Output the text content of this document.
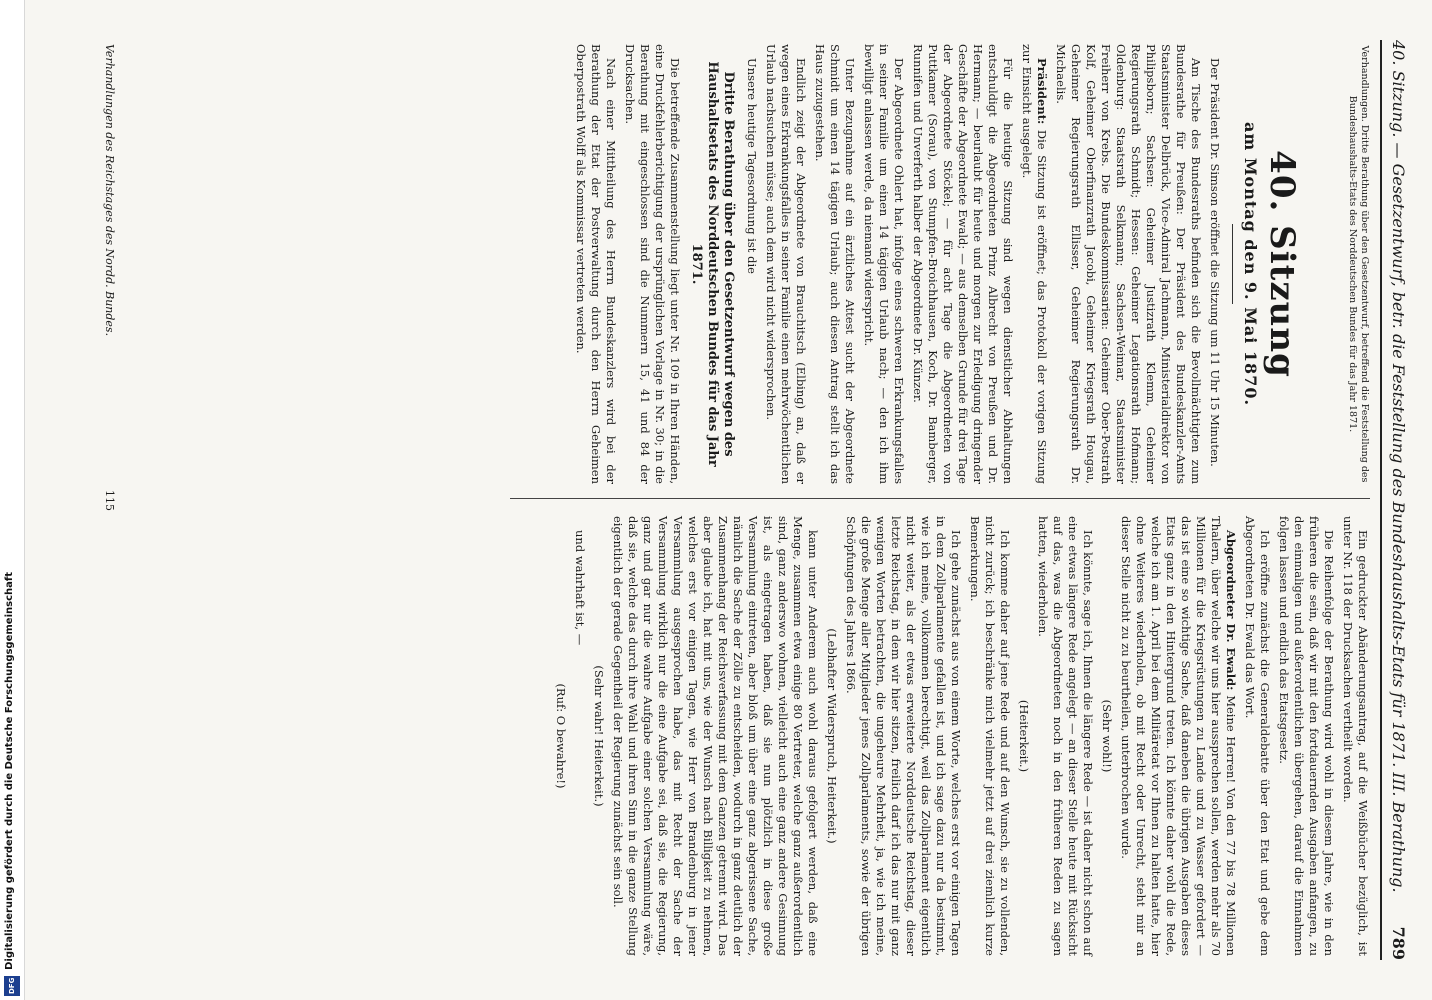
Digitalisierung gefördert durch die Deutsche Forschungsgemeinschaft
DFG
40. Sitzung. — Gesetzentwurf, betr. die Feststellung des Bundeshaushalts-Etats für 1871. III. Berathung.
789

Verhandlungen. Dritte Berathung über den Gesetzentwurf, betreffend die Feststellung des Bundeshaushalts-Etats des Norddeutschen Bundes für das Jahr 1871.

40. Sitzung
am Montag den 9. Mai 1870.

Der Präsident Dr. Simson eröffnet die Sitzung um 11 Uhr 15 Minuten.

Am Tische des Bundesraths befinden sich die Bevollmächtigten zum Bundesrathe für Preußen: Der Präsident des Bundeskanzler-Amts Staatsminister Delbrück, Vice-Admiral Jachmann, Ministerialdirektor von Philipsborn; Sachsen: Geheimer Justizrath Klemm, Geheimer Regierungsrath Schmidt; Hessen: Geheimer Legationsrath Hofmann; Oldenburg: Staatsrath Selkmann; Sachsen-Weimar, Staatsminister Freiherr von Krebs. Die Bundeskommissarien: Geheimer Ober-Postrath Kolf, Geheimer Oberfinanzrath Jacobi, Geheimer Kriegsrath Hougau, Geheimer Regierungsrath Ellisser, Geheimer Regierungsrath Dr. Michaelis.

Präsident: Die Sitzung ist eröffnet; das Protokoll der vorigen Sitzung zur Einsicht ausgelegt.

Für die heutige Sitzung sind wegen dienstlicher Abhaltungen entschuldigt die Abgeordneten Prinz Albrecht von Preußen und Dr. Hermann; — beurlaubt für heute und morgen zur Erledigung dringender Geschäfte der Abgeordnete Ewald; — aus demselben Grunde für drei Tage der Abgeordnete Stöckel; — für acht Tage die Abgeordneten von Puttkamer (Sorau), von Stumpfen-Broichhausen, Koch, Dr. Bamberger, Runnifen und Unverferth halber der Abgeordnete Dr. Künzer.

Der Abgeordnete Ohlert hat, infolge eines schweren Erkrankungsfalles in seiner Familie um einen 14 tägigen Urlaub nach; — den ich ihm bewilligt anlassen werde, da niemand widerspricht.

Unter Bezugnahme auf ein ärztliches Attest sucht der Abgeordnete Schmidt um einen 14 tägigen Urlaub; auch diesen Antrag stellt ich das Haus zuzugestehen.

Endlich zeigt der Abgeordnete von Brauchitsch (Elbing) an, daß er wegen eines Erkrankungsfalles in seiner Familie einen mehrwöchentlichen Urlaub nachsuchen müsse; auch dem wird nicht widersprochen.

Unsere heutige Tagesordnung ist die

Dritte Berathung über den Gesetzentwurf wegen des Haushaltsetats des Norddeutschen Bundes für das Jahr 1871.

Die betreffende Zusammenstellung liegt unter Nr. 109 in Ihren Händen, eine Druckfehlerberichtigung der ursprünglichen Vorlage in Nr. 30; in die Berathung mit eingeschlossen sind die Nummern 15, 41 und 84 der Drucksachen.

Nach einer Mittheilung des Herrn Bundeskanzlers wird bei der Berathung der Etat der Postverwaltung durch den Herrn Geheimen Oberpostrath Wolff als Kommissar vertreten werden.

Ein gedruckter Abänderungsantrag, auf die Weißbücher bezüglich, ist unter Nr. 118 der Drucksachen vertheilt worden.

Die Reihenfolge der Berathung wird wohl in diesem Jahre, wie in den früheren die sein, daß wir mit den fortdauernden Ausgaben anfangen, zu den einmaligen und außerordentlichen übergehen, darauf die Einnahmen folgen lassen und endlich das Etatsgesetz.

Ich eröffne zunächst die Generaldebatte über den Etat und gebe dem Abgeordneten Dr. Ewald das Wort.

Abgeordneter Dr. Ewald: Meine Herren! Von den 77 bis 78 Millionen Thalern, über welche wir uns hier aussprechen sollen, werden mehr als 70 Millionen für die Kriegsrüstungen zu Lande und zu Wasser gefordert — das ist eine so wichtige Sache, daß daneben die übrigen Ausgaben dieses Etats ganz in den Hintergrund treten. Ich könnte daher wohl die Rede, welche ich am 1. April bei dem Militäretat vor Ihnen zu halten hatte, hier ohne Weiteres wiederholen, ob mit Recht oder Unrecht, steht mir an dieser Stelle nicht zu zu beurtheilen, unterbrochen wurde.

(Sehr wohl!)

Ich könnte, sage ich, Ihnen die längere Rede — ist daher nicht schon auf eine etwas längere Rede angelegt — an dieser Stelle heute mit Rücksicht auf das, was die Abgeordneten noch in den früheren Reden zu sagen hatten, wiederholen.

(Heiterkeit.)

Ich komme daher auf jene Rede und auf den Wunsch, sie zu vollenden, nicht zurück; ich beschränke mich vielmehr jetzt auf drei ziemlich kurze Bemerkungen.

Ich gehe zunächst aus von einem Worte, welches erst vor einigen Tagen in dem Zollparlamente gefallen ist, und ich sage dazu nur da bestimmt, wie ich meine, vollkommen berechtigt, weil das Zollparlament eigentlich nicht weiter, als der etwas erweiterte Norddeutsche Reichstag, dieser letzte Reichstag, in dem wir hier sitzen, freilich darf ich das nur mit ganz wenigen Worten betrachten, die ungeheure Mehrheit, ja, wie ich meine, die große Menge aller Mitglieder jenes Zollparlaments, sowie der übrigen Schöpfungen des Jahres 1866.

(Lebhafter Widerspruch, Heiterkeit.)

kann unter Anderem auch wohl daraus gefolgert werden, daß eine Menge, zusammen etwa einige 80 Vertreter, welche ganz außerordentlich sind, ganz anderswo wohnen, vielleicht auch eine ganz andere Gesinnung ist, als eingetragen haben, daß sie nun plötzlich in diese große Versammlung eintreten, aber bloß um über eine ganz abgerissene Sache, nämlich die Sache der Zölle zu entscheiden, wodurch in ganz deutlich der Zusammenhang der Reichsverfassung mit dem Ganzen getrennt wird. Das aber glaube ich, hat mit uns, wie der Wunsch nach Billigkeit zu nehmen, welches erst vor einigen Tagen, wie Herr von Brandenburg in jener Versammlung ausgesprochen habe, das mit Recht der Sache der Versammlung wirklich nur die eine Aufgabe sei, daß sie, die Regierung, ganz und gar nur die wahre Aufgabe einer solchen Versammlung wäre, daß sie, welche das durch ihre Wahl und ihren Sinn in die ganze Stellung eigentlich der gerade Gegentheil der Regierung zunächst sein soll.

(Sehr wahr! Heiterkeit.)

und wahrhaft ist, —

(Ruf: O bewahre!)

Verhandlungen des Reichstages des Nordd. Bundes.
115
